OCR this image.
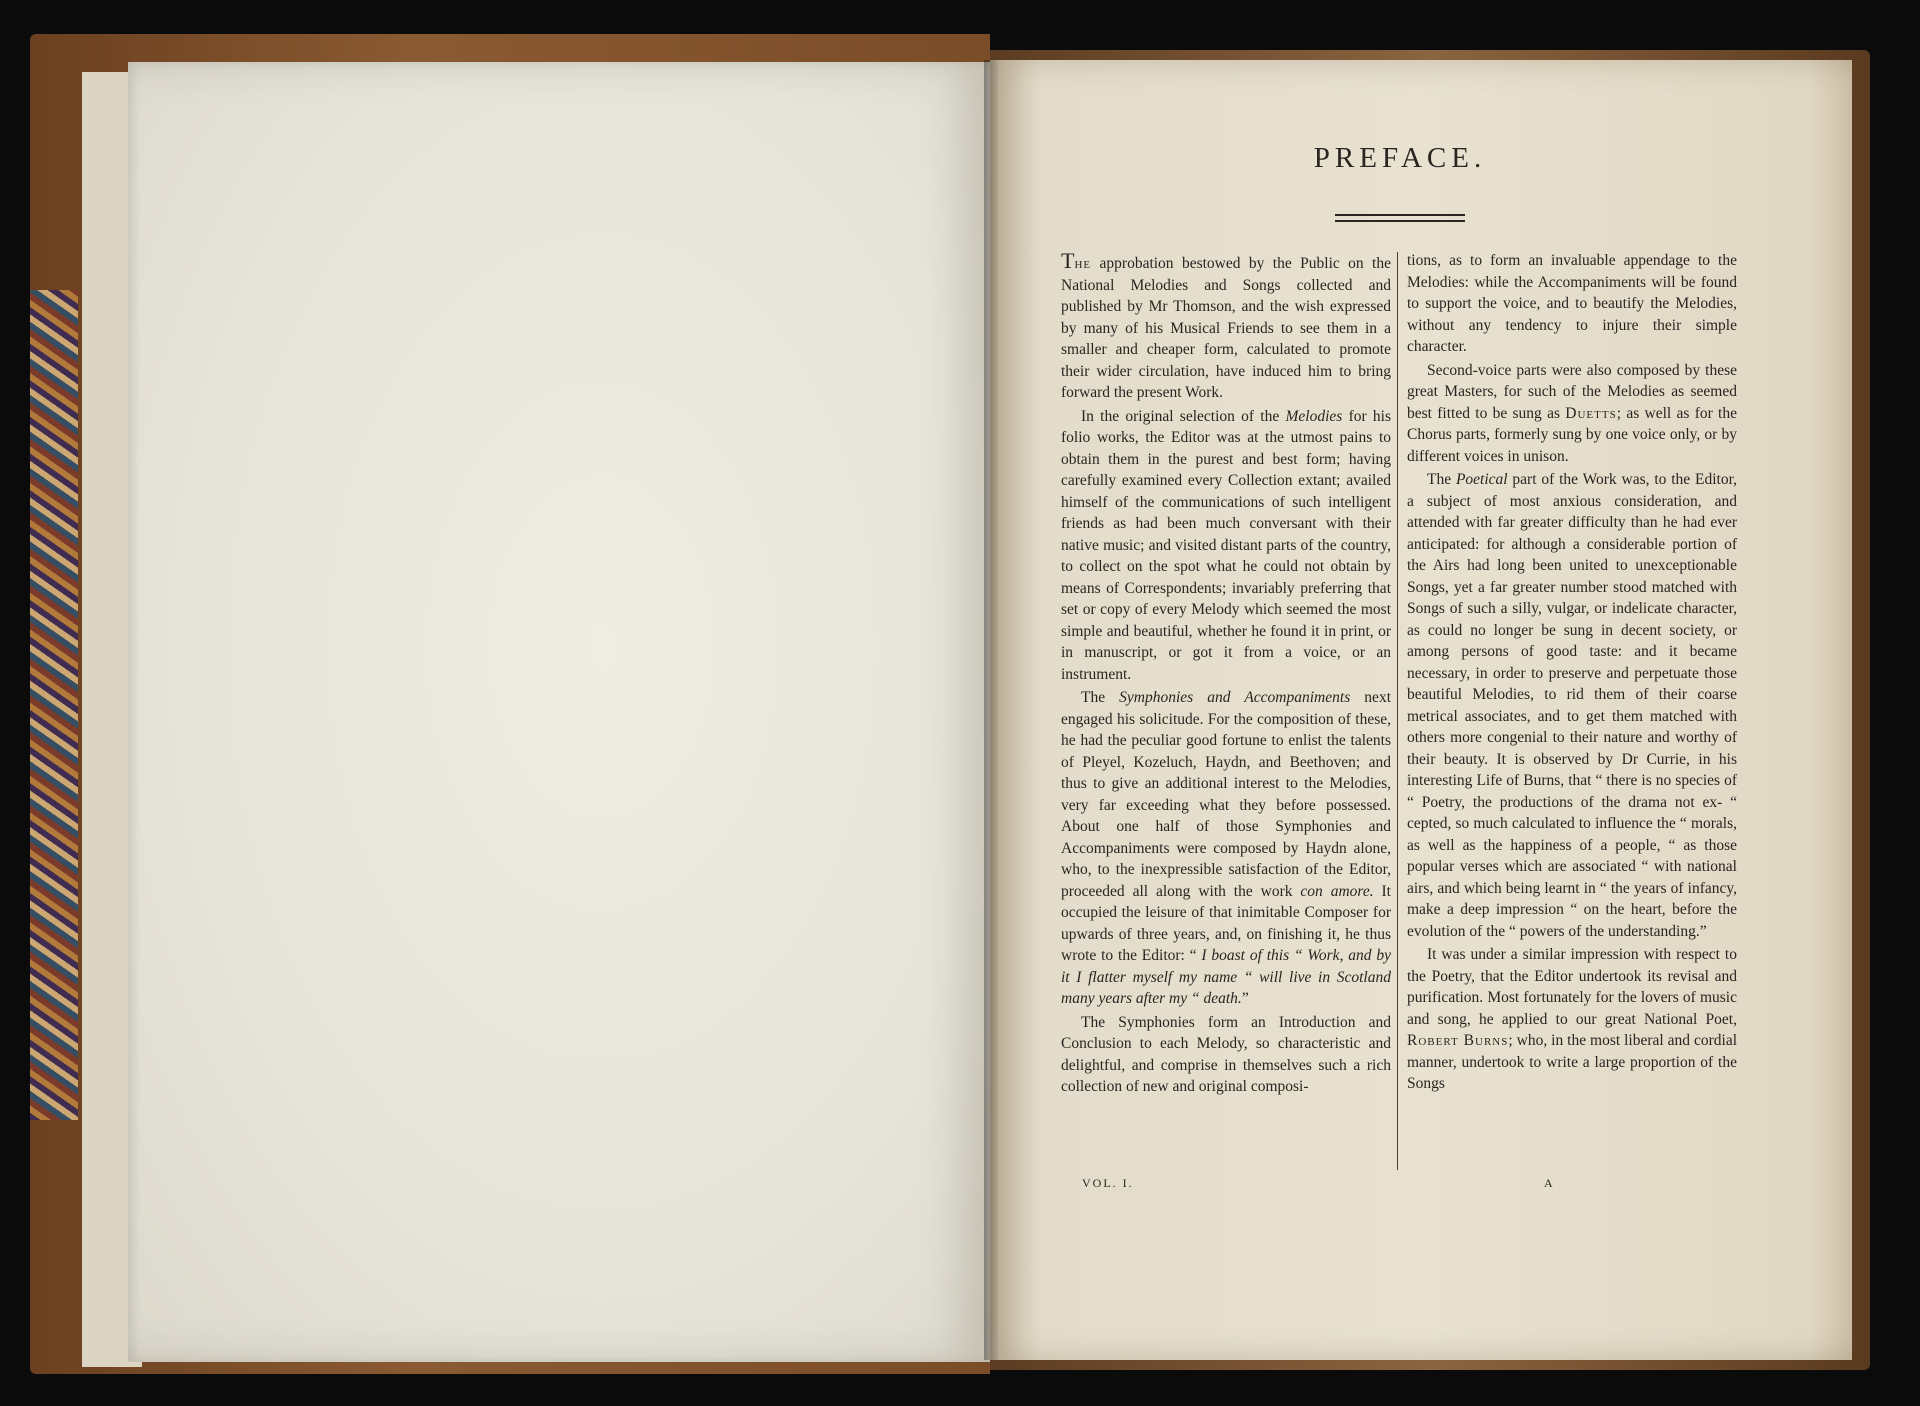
PREFACE.

The approbation bestowed by the Public on the National Melodies and Songs collected and published by Mr Thomson, and the wish expressed by many of his Musical Friends to see them in a smaller and cheaper form, calculated to promote their wider circulation, have induced him to bring forward the present Work.

In the original selection of the Melodies for his folio works, the Editor was at the utmost pains to obtain them in the purest and best form; having carefully examined every Collection extant; availed himself of the communications of such intelligent friends as had been much conversant with their native music; and visited distant parts of the country, to collect on the spot what he could not obtain by means of Correspondents; invariably preferring that set or copy of every Melody which seemed the most simple and beautiful, whether he found it in print, or in manuscript, or got it from a voice, or an instrument.

The Symphonies and Accompaniments next engaged his solicitude. For the composition of these, he had the peculiar good fortune to enlist the talents of Pleyel, Kozeluch, Haydn, and Beethoven; and thus to give an additional interest to the Melodies, very far exceeding what they before possessed. About one half of those Symphonies and Accompaniments were composed by Haydn alone, who, to the inexpressible satisfaction of the Editor, proceeded all along with the work con amore. It occupied the leisure of that inimitable Composer for upwards of three years, and, on finishing it, he thus wrote to the Editor: “ I boast of this “ Work, and by it I flatter myself my name “ will live in Scotland many years after my “ death.”

The Symphonies form an Introduction and Conclusion to each Melody, so characteristic and delightful, and comprise in themselves such a rich collection of new and original composi-

tions, as to form an invaluable appendage to the Melodies: while the Accompaniments will be found to support the voice, and to beautify the Melodies, without any tendency to injure their simple character.

Second-voice parts were also composed by these great Masters, for such of the Melodies as seemed best fitted to be sung as Duetts; as well as for the Chorus parts, formerly sung by one voice only, or by different voices in unison.

The Poetical part of the Work was, to the Editor, a subject of most anxious consideration, and attended with far greater difficulty than he had ever anticipated: for although a considerable portion of the Airs had long been united to unexceptionable Songs, yet a far greater number stood matched with Songs of such a silly, vulgar, or indelicate character, as could no longer be sung in decent society, or among persons of good taste: and it became necessary, in order to preserve and perpetuate those beautiful Melodies, to rid them of their coarse metrical associates, and to get them matched with others more congenial to their nature and worthy of their beauty. It is observed by Dr Currie, in his interesting Life of Burns, that “ there is no species of “ Poetry, the productions of the drama not ex- “ cepted, so much calculated to influence the “ morals, as well as the happiness of a people, “ as those popular verses which are associated “ with national airs, and which being learnt in “ the years of infancy, make a deep impression “ on the heart, before the evolution of the “ powers of the understanding.”

It was under a similar impression with respect to the Poetry, that the Editor undertook its revisal and purification. Most fortunately for the lovers of music and song, he applied to our great National Poet, Robert Burns; who, in the most liberal and cordial manner, undertook to write a large proportion of the Songs

VOL. I.	A
